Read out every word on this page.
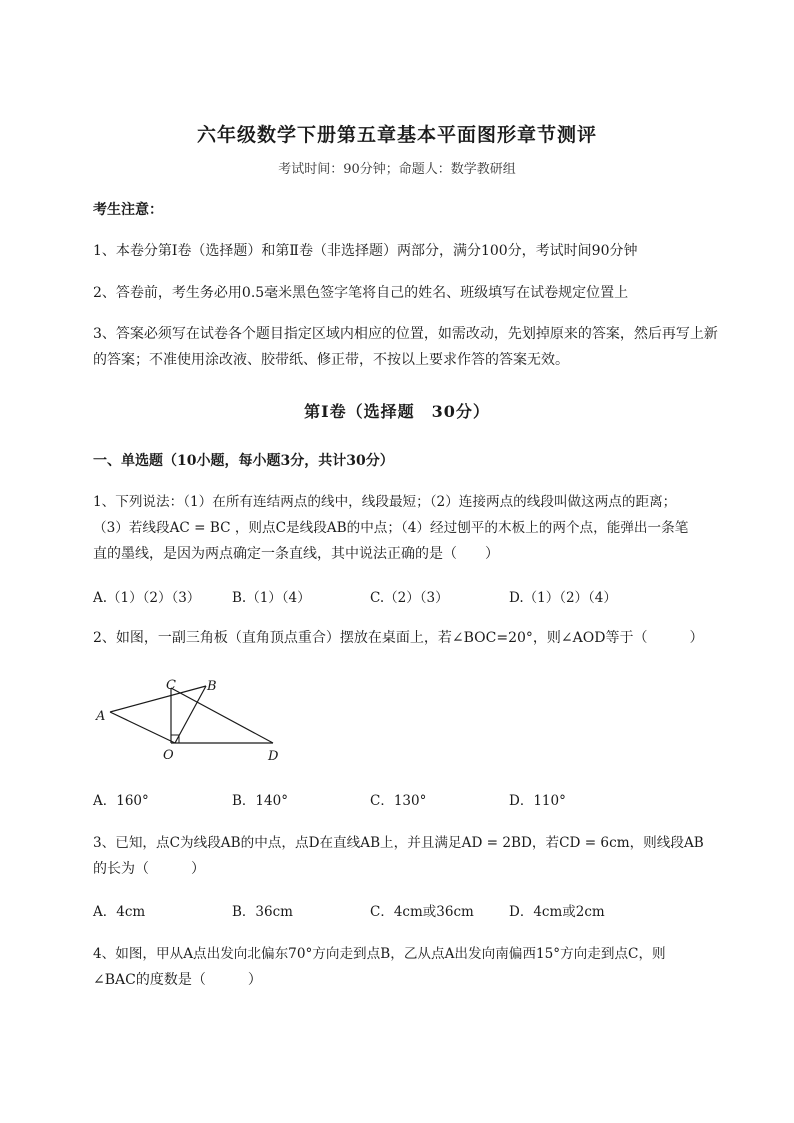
六年级数学下册第五章基本平面图形章节测评
考试时间：90分钟；命题人：数学教研组
考生注意：
1、本卷分第I卷（选择题）和第Ⅱ卷（非选择题）两部分，满分100分，考试时间90分钟
2、答卷前，考生务必用0.5毫米黑色签字笔将自己的姓名、班级填写在试卷规定位置上
3、答案必须写在试卷各个题目指定区域内相应的位置，如需改动，先划掉原来的答案，然后再写上新
的答案；不准使用涂改液、胶带纸、修正带，不按以上要求作答的答案无效。
第I卷（选择题　30分）
一、单选题（10小题，每小题3分，共计30分）
1、下列说法：（1）在所有连结两点的线中，线段最短；（2）连接两点的线段叫做这两点的距离；
（3）若线段AC = BC ，则点C是线段AB的中点；（4）经过刨平的木板上的两个点，能弹出一条笔
直的墨线，是因为两点确定一条直线，其中说法正确的是（　　）
A.（1）（2）（3） B.（1）（4）	C.（2）（3）	D.（1）（2）（4）
2、如图，一副三角板（直角顶点重合）摆放在桌面上，若∠BOC=20°，则∠AOD等于（　　　）
A
C B
O	D
A．160°	B．140°	C．130°	D．110°
3、已知，点C为线段AB的中点，点D在直线AB上，并且满足AD = 2BD，若CD = 6cm，则线段AB
的长为（　　　）
A．4cm	B．36cm	C．4cm或36cm	D．4cm或2cm
4、如图，甲从A点出发向北偏东70°方向走到点B，乙从点A出发向南偏西15°方向走到点C，则
∠BAC的度数是（　　　）
